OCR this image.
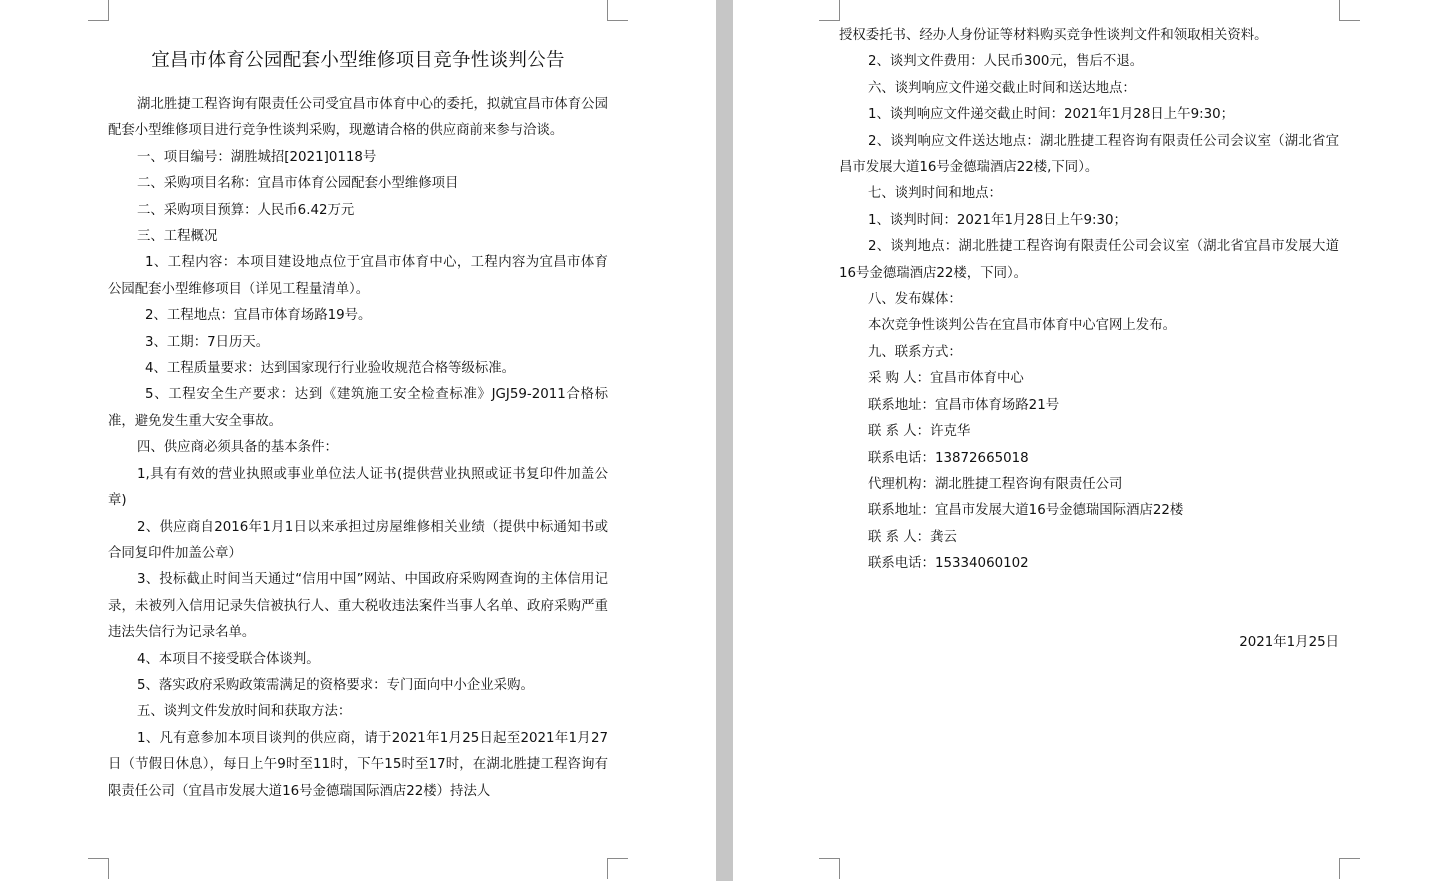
宜昌市体育公园配套小型维修项目竞争性谈判公告

湖北胜捷工程咨询有限责任公司受宜昌市体育中心的委托，拟就宜昌市体育公园配套小型维修项目进行竞争性谈判采购，现邀请合格的供应商前来参与洽谈。

一、项目编号：湖胜城招[2021]0118号

二、采购项目名称：宜昌市体育公园配套小型维修项目

二、采购项目预算：人民币6.42万元

三、工程概况

1、工程内容：本项目建设地点位于宜昌市体育中心，工程内容为宜昌市体育公园配套小型维修项目（详见工程量清单）。

2、工程地点：宜昌市体育场路19号。

3、工期：7日历天。

4、工程质量要求：达到国家现行行业验收规范合格等级标准。

5、工程安全生产要求：达到《建筑施工安全检查标准》JGJ59-2011合格标准，避免发生重大安全事故。

四、供应商必须具备的基本条件：

1,具有有效的营业执照或事业单位法人证书(提供营业执照或证书复印件加盖公章)

2、供应商自2016年1月1日以来承担过房屋维修相关业绩（提供中标通知书或合同复印件加盖公章）

3、投标截止时间当天通过“信用中国”网站、中国政府采购网查询的主体信用记录，未被列入信用记录失信被执行人、重大税收违法案件当事人名单、政府采购严重违法失信行为记录名单。

4、本项目不接受联合体谈判。

5、落实政府采购政策需满足的资格要求：专门面向中小企业采购。

五、谈判文件发放时间和获取方法：

1、凡有意参加本项目谈判的供应商，请于2021年1月25日起至2021年1月27日（节假日休息），每日上午9时至11时，下午15时至17时，在湖北胜捷工程咨询有限责任公司（宜昌市发展大道16号金德瑞国际酒店22楼）持法人

授权委托书、经办人身份证等材料购买竞争性谈判文件和领取相关资料。

2、谈判文件费用：人民币300元，售后不退。

六、谈判响应文件递交截止时间和送达地点：

1、谈判响应文件递交截止时间：2021年1月28日上午9:30；

2、谈判响应文件送达地点：湖北胜捷工程咨询有限责任公司会议室（湖北省宜昌市发展大道16号金德瑞酒店22楼,下同）。

七、谈判时间和地点：

1、谈判时间：2021年1月28日上午9:30；

2、谈判地点：湖北胜捷工程咨询有限责任公司会议室（湖北省宜昌市发展大道16号金德瑞酒店22楼，下同）。

八、发布媒体：

本次竞争性谈判公告在宜昌市体育中心官网上发布。

九、联系方式：

采 购 人：宜昌市体育中心

联系地址：宜昌市体育场路21号

联 系 人：许克华

联系电话：13872665018

代理机构：湖北胜捷工程咨询有限责任公司

联系地址：宜昌市发展大道16号金德瑞国际酒店22楼

联 系 人：龚云

联系电话：15334060102

2021年1月25日
